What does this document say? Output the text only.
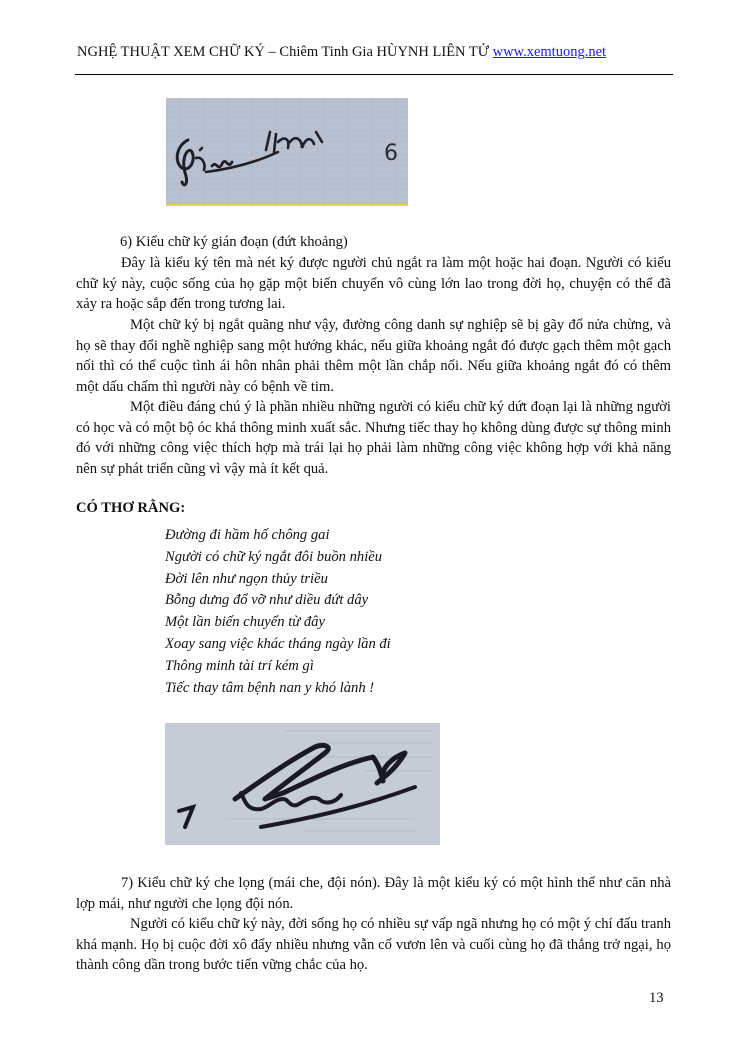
NGHỆ THUẬT XEM CHỮ KÝ – Chiêm Tinh Gia HÙYNH LIÊN TỬ www.xemtuong.net
6

6) Kiểu chữ ký gián đoạn (đứt khoảng)

Đây là kiểu ký tên mà nét ký được người chủ ngắt ra làm một hoặc hai đoạn. Người có kiểu chữ ký này, cuộc sống của họ gặp một biến chuyển vô cùng lớn lao trong đời họ, chuyện có thể đã xảy ra hoặc sắp đến trong tương lai.

Một chữ ký bị ngắt quãng như vậy, đường công danh sự nghiệp sẽ bị gãy đổ nửa chừng, và họ sẽ thay đổi nghề nghiệp sang một hướng khác, nếu giữa khoảng ngắt đó được gạch thêm một gạch nối thì có thể cuộc tình ái hôn nhân phải thêm một lần chắp nối. Nếu giữa khoảng ngắt đó có thêm một dấu chấm thì người này có bệnh về tim.

Một điều đáng chú ý là phần nhiều những người có kiểu chữ ký dứt đoạn lại là những người có học và có một bộ óc khá thông minh xuất sắc. Nhưng tiếc thay họ không dùng được sự thông minh đó với những công việc thích hợp mà trái lại họ phải làm những công việc không hợp với khả năng nên sự phát triển cũng vì vậy mà ít kết quả.

CÓ THƠ RẰNG:

Đường đi hầm hố chông gai
Người có chữ ký ngắt đôi buồn nhiều
Đời lên như ngọn thủy triều
Bỗng dưng đổ vỡ như diều đứt dây
Một lần biến chuyển từ đây
Xoay sang việc khác tháng ngày lần đi
Thông minh tài trí kém gì
Tiếc thay tâm bệnh nan y khó lành !

7) Kiểu chữ ký che lọng (mái che, đội nón). Đây là một kiểu ký có một hình thể như căn nhà lợp mái, như người che lọng đội nón.

Người có kiểu chữ ký này, đời sống họ có nhiều sự vấp ngã nhưng họ có một ý chí đấu tranh khá mạnh. Họ bị cuộc đời xô đẩy nhiều nhưng vẫn cố vươn lên và cuối cùng họ đã thắng trở ngại, họ thành công dần trong bước tiến vững chắc của họ.

13
